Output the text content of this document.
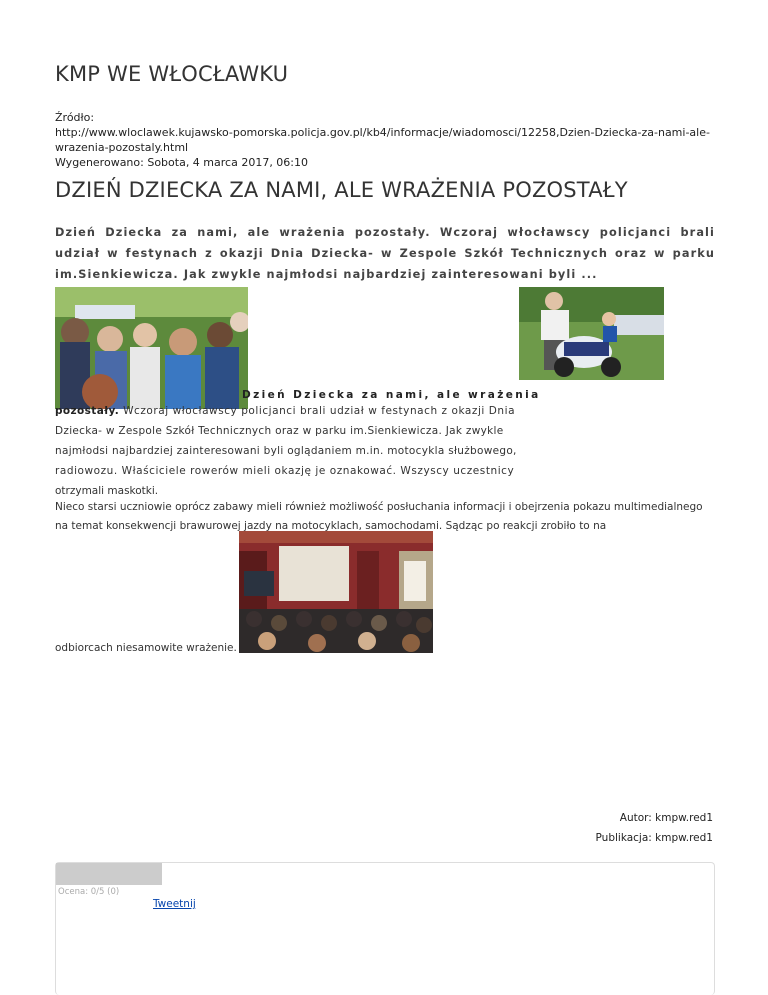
KMP WE WŁOCŁAWKU
Źródło:
http://www.wloclawek.kujawsko-pomorska.policja.gov.pl/kb4/informacje/wiadomosci/12258,Dzien-Dziecka-za-nami-ale-wrazenia-pozostaly.html
Wygenerowano: Sobota, 4 marca 2017, 06:10
DZIEŃ DZIECKA ZA NAMI, ALE WRAŻENIA POZOSTAŁY
Dzień Dziecka za nami, ale wrażenia pozostały. Wczoraj włocławscy policjanci brali udział w festynach z okazji Dnia Dziecka- w Zespole Szkół Technicznych oraz w parku im.Sienkiewicza. Jak zwykle najmłodsi najbardziej zainteresowani byli ...
Dzień Dziecka za nami, ale wrażenia
pozostały. Wczoraj włocławscy policjanci brali udział w festynach z okazji Dnia
Dziecka- w Zespole Szkół Technicznych oraz w parku im.Sienkiewicza. Jak zwykle
najmłodsi najbardziej zainteresowani byli oglądaniem m.in. motocykla służbowego,
radiowozu. Właściciele rowerów mieli okazję je oznakować. Wszyscy uczestnicy
otrzymali maskotki.
Nieco starsi uczniowie oprócz zabawy mieli również możliwość posłuchania informacji i obejrzenia pokazu multimedialnego
na temat konsekwencji brawurowej jazdy na motocyklach, samochodami. Sądząc po reakcji zrobiło to na
odbiorcach niesamowite wrażenie.
Autor: kmpw.red1
Publikacja: kmpw.red1
Ocena: 0/5 (0)
Tweetnij
